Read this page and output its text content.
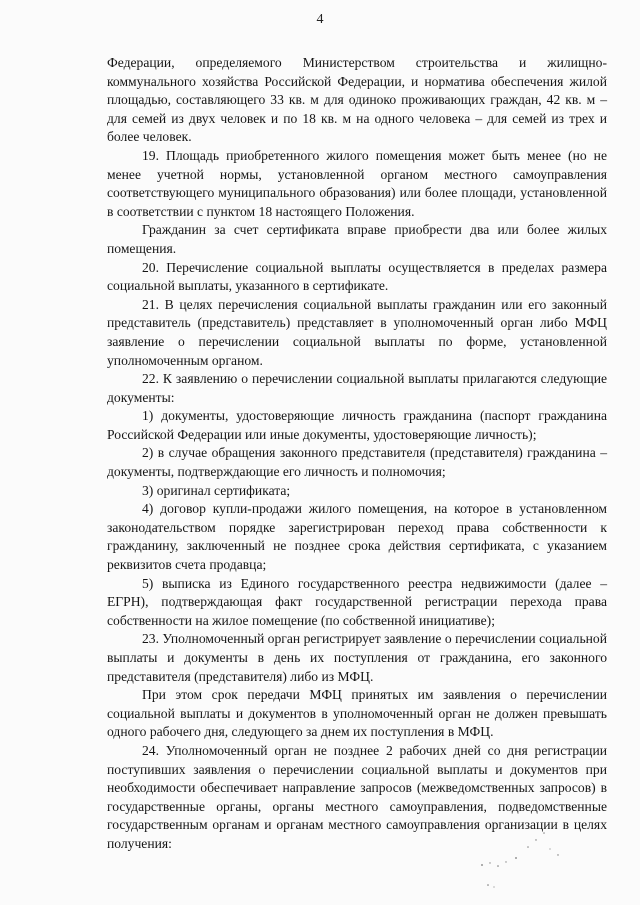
4

Федерации, определяемого Министерством строительства и жилищно-коммунального хозяйства Российской Федерации, и норматива обеспечения жилой площадью, составляющего 33 кв. м для одиноко проживающих граждан, 42 кв. м – для семей из двух человек и по 18 кв. м на одного человека – для семей из трех и более человек.

19. Площадь приобретенного жилого помещения может быть менее (но не менее учетной нормы, установленной органом местного самоуправления соответствующего муниципального образования) или более площади, установленной в соответствии с пунктом 18 настоящего Положения.

Гражданин за счет сертификата вправе приобрести два или более жилых помещения.

20. Перечисление социальной выплаты осуществляется в пределах размера социальной выплаты, указанного в сертификате.

21. В целях перечисления социальной выплаты гражданин или его законный представитель (представитель) представляет в уполномоченный орган либо МФЦ заявление о перечислении социальной выплаты по форме, установленной уполномоченным органом.

22. К заявлению о перечислении социальной выплаты прилагаются следующие документы:

1) документы, удостоверяющие личность гражданина (паспорт гражданина Российской Федерации или иные документы, удостоверяющие личность);

2) в случае обращения законного представителя (представителя) гражданина – документы, подтверждающие его личность и полномочия;

3) оригинал сертификата;

4) договор купли-продажи жилого помещения, на которое в установленном законодательством порядке зарегистрирован переход права собственности к гражданину, заключенный не позднее срока действия сертификата, с указанием реквизитов счета продавца;

5) выписка из Единого государственного реестра недвижимости (далее – ЕГРН), подтверждающая факт государственной регистрации перехода права собственности на жилое помещение (по собственной инициативе);

23. Уполномоченный орган регистрирует заявление о перечислении социальной выплаты и документы в день их поступления от гражданина, его законного представителя (представителя) либо из МФЦ.

При этом срок передачи МФЦ принятых им заявления о перечислении социальной выплаты и документов в уполномоченный орган не должен превышать одного рабочего дня, следующего за днем их поступления в МФЦ.

24. Уполномоченный орган не позднее 2 рабочих дней со дня регистрации поступивших заявления о перечислении социальной выплаты и документов при необходимости обеспечивает направление запросов (межведомственных запросов) в государственные органы, органы местного самоуправления, подведомственные государственным органам и органам местного самоуправления организации в целях получения:
